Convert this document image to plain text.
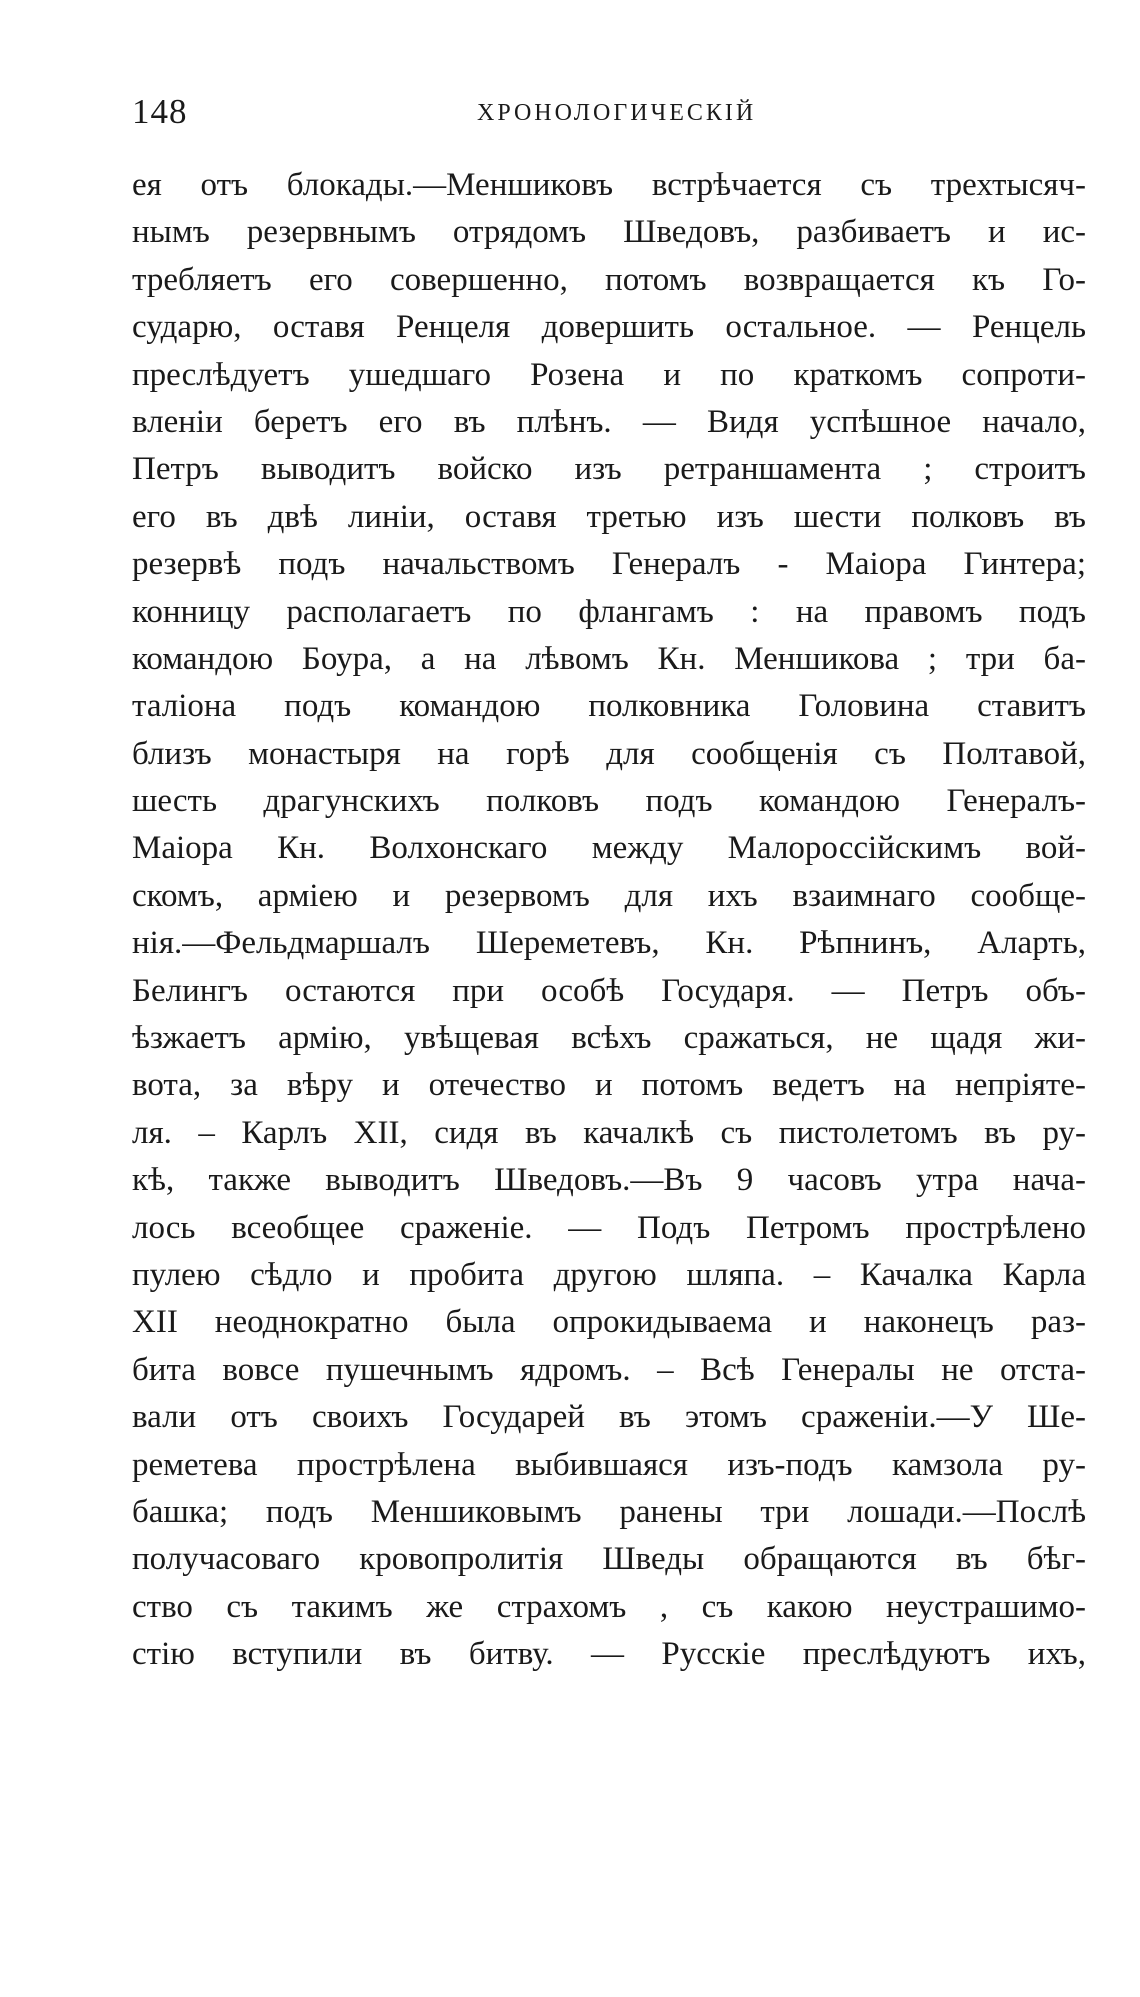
148	ХРОНОЛОГИЧЕСКІЙ
ея отъ блокады.—Меншиковъ встрѣчается съ трехтысяч-
нымъ резервнымъ отрядомъ Шведовъ, разбиваетъ и ис-
требляетъ его совершенно, потомъ возвращается къ Го-
сударю, оставя Ренцеля довершить остальное. — Ренцель
преслѣдуетъ ушедшаго Розена и по краткомъ сопроти-
вленіи беретъ его въ плѣнъ. — Видя успѣшное начало,
Петръ выводитъ войско изъ ретраншамента ; строитъ
его въ двѣ линіи, оставя третью изъ шести полковъ въ
резервѣ подъ начальствомъ Генералъ - Маіора Гинтера;
конницу располагаетъ по флангамъ : на правомъ подъ
командою Боура, а на лѣвомъ Кн. Меншикова ; три ба-
таліона подъ командою полковника Головина ставитъ
близъ монастыря на горѣ для сообщенія съ Полтавой,
шесть драгунскихъ полковъ подъ командою Генералъ-
Маіора Кн. Волхонскаго между Малороссійскимъ вой-
скомъ, арміею и резервомъ для ихъ взаимнаго сообще-
нія.—Фельдмаршалъ Шереметевъ, Кн. Рѣпнинъ, Аларть,
Белингъ остаются при особѣ Государя. — Петръ объ-
ѣзжаетъ армію, увѣщевая всѣхъ сражаться, не щадя жи-
вота, за вѣру и отечество и потомъ ведетъ на непріяте-
ля. – Карлъ XII, сидя въ качалкѣ съ пистолетомъ въ ру-
кѣ, также выводитъ Шведовъ.—Въ 9 часовъ утра нача-
лось всеобщее сраженіе. — Подъ Петромъ прострѣлено
пулею сѣдло и пробита другою шляпа. – Качалка Карла
XII неоднократно была опрокидываема и наконецъ раз-
бита вовсе пушечнымъ ядромъ. – Всѣ Генералы не отста-
вали отъ своихъ Государей въ этомъ сраженіи.—У Ше-
реметева прострѣлена выбившаяся изъ-подъ камзола ру-
башка; подъ Меншиковымъ ранены три лошади.—Послѣ
получасоваго кровопролитія Шведы обращаются въ бѣг-
ство съ такимъ же страхомъ , съ какою неустрашимо-
стію вступили въ битву. — Русскіе преслѣдуютъ ихъ,
